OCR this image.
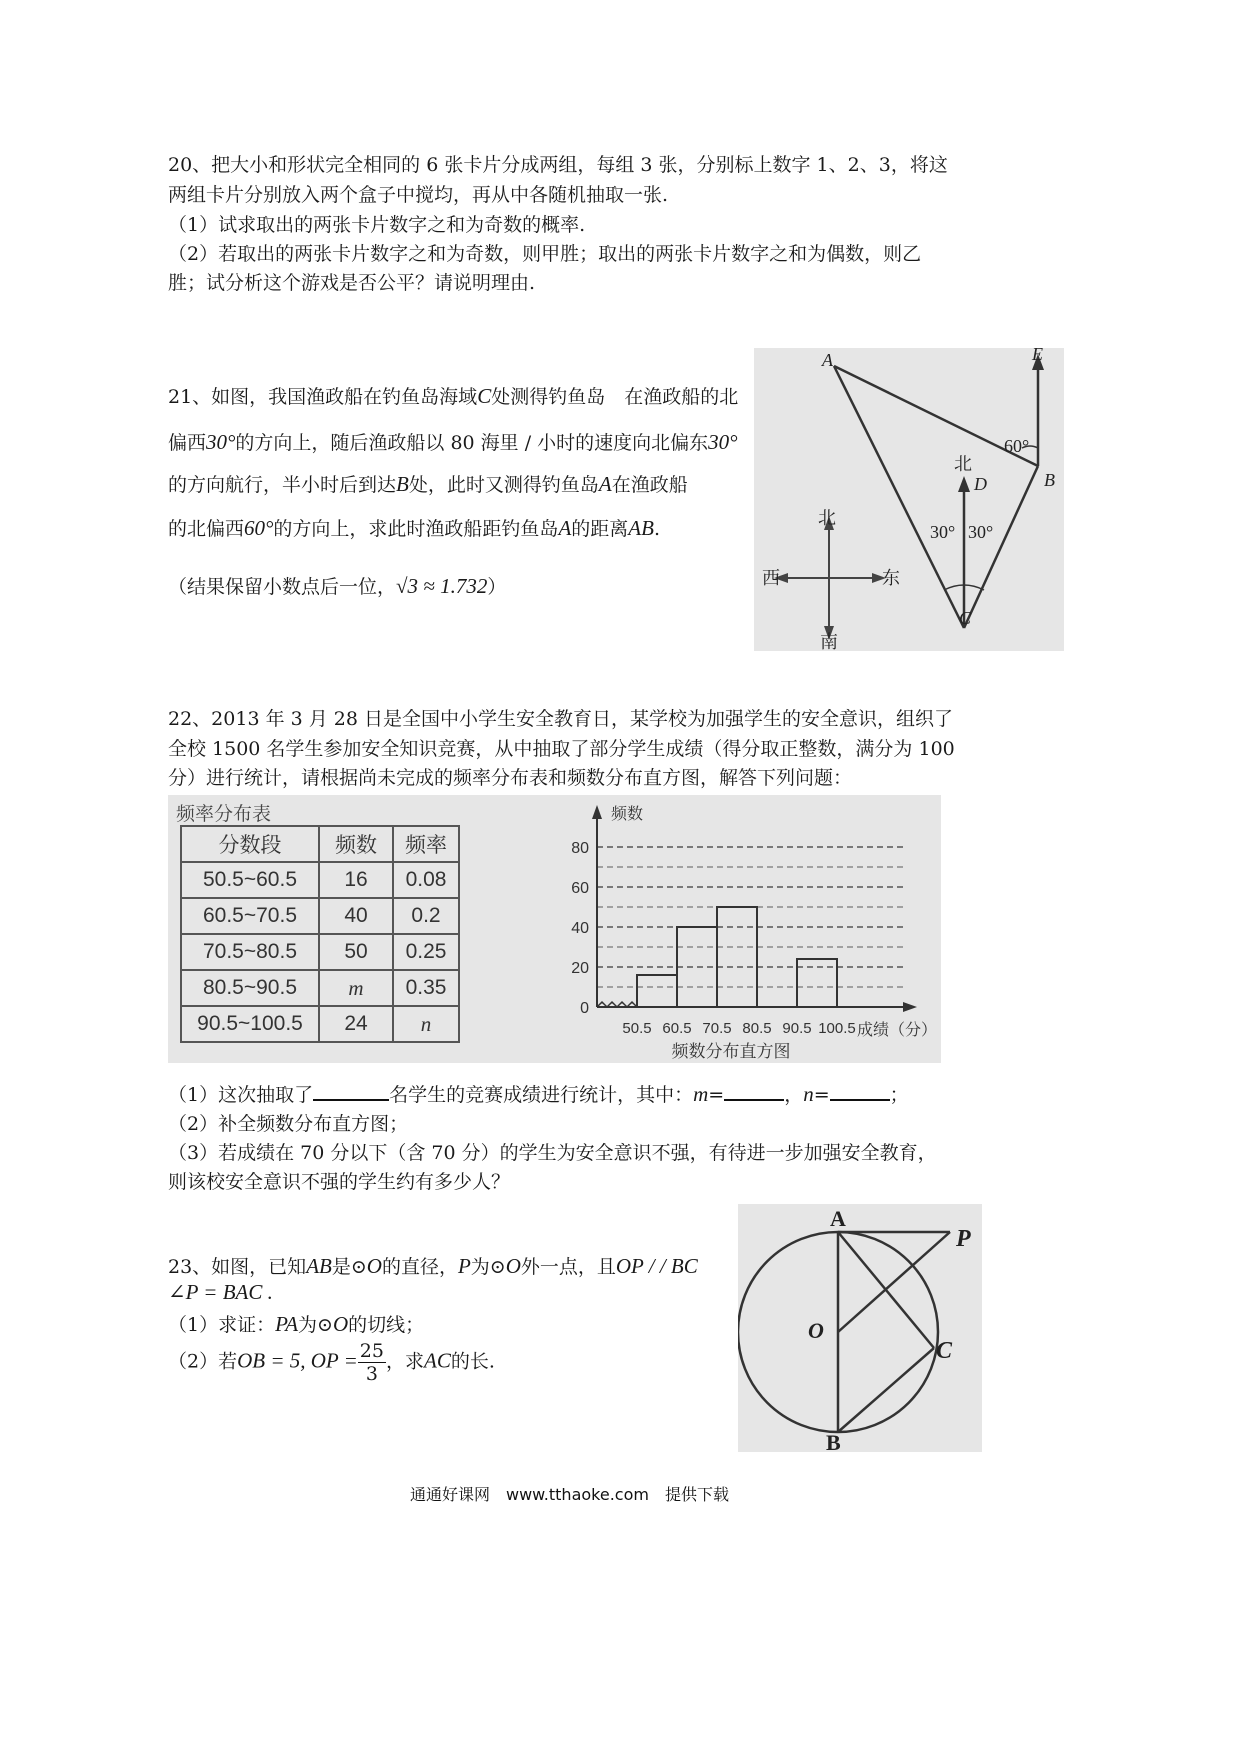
20、把大小和形状完全相同的 6 张卡片分成两组，每组 3 张，分别标上数字 1、2、3，将这
两组卡片分别放入两个盒子中搅均，再从中各随机抽取一张.
（1）试求取出的两张卡片数字之和为奇数的概率.
（2）若取出的两张卡片数字之和为奇数，则甲胜；取出的两张卡片数字之和为偶数，则乙
胜；试分析这个游戏是否公平？请说明理由.
21、如图，我国渔政船在钓鱼岛海域C处测得钓鱼岛　在渔政船的北
偏西30°的方向上，随后渔政船以 80 海里 / 小时的速度向北偏东30°
的方向航行，半小时后到达B处，此时又测得钓鱼岛A在渔政船
的北偏西60°的方向上，求此时渔政船距钓鱼岛A的距离AB.
（结果保留小数点后一位，√3 ≈ 1.732）
A	E
B
D
C
北
北
南
西	东
60°
30° 30°
22、2013 年 3 月 28 日是全国中小学生安全教育日，某学校为加强学生的安全意识，组织了
全校 1500 名学生参加安全知识竞赛，从中抽取了部分学生成绩（得分取正整数，满分为 100
分）进行统计，请根据尚未完成的频率分布表和频数分布直方图，解答下列问题：
频率分布表
分数段	频数	频率
50.5~60.5	16	0.08
60.5~70.5	40	0.2
70.5~80.5	50	0.25
80.5~90.5	m	0.35
90.5~100.5	24	n
0
20
40
60
80
50.5 60.5 70.5 80.5 90.5 100.5
频数
成绩（分）
频数分布直方图
（1）这次抽取了	名学生的竞赛成绩进行统计，其中：m=	，n=	；
（2）补全频数分布直方图；
（3）若成绩在 70 分以下（含 70 分）的学生为安全意识不强，有待进一步加强安全教育，
则该校安全意识不强的学生约有多少人？
23、如图，已知AB是⊙O的直径，P为⊙O外一点，且OP / / BC
∠P = BAC .
（1）求证：PA为⊙O的切线；
（2）若OB = 5, OP = $\frac{25}{3}$ ，求AC的长.
A
P
O
C
B
通通好课网　www.tthaoke.com　提供下载
